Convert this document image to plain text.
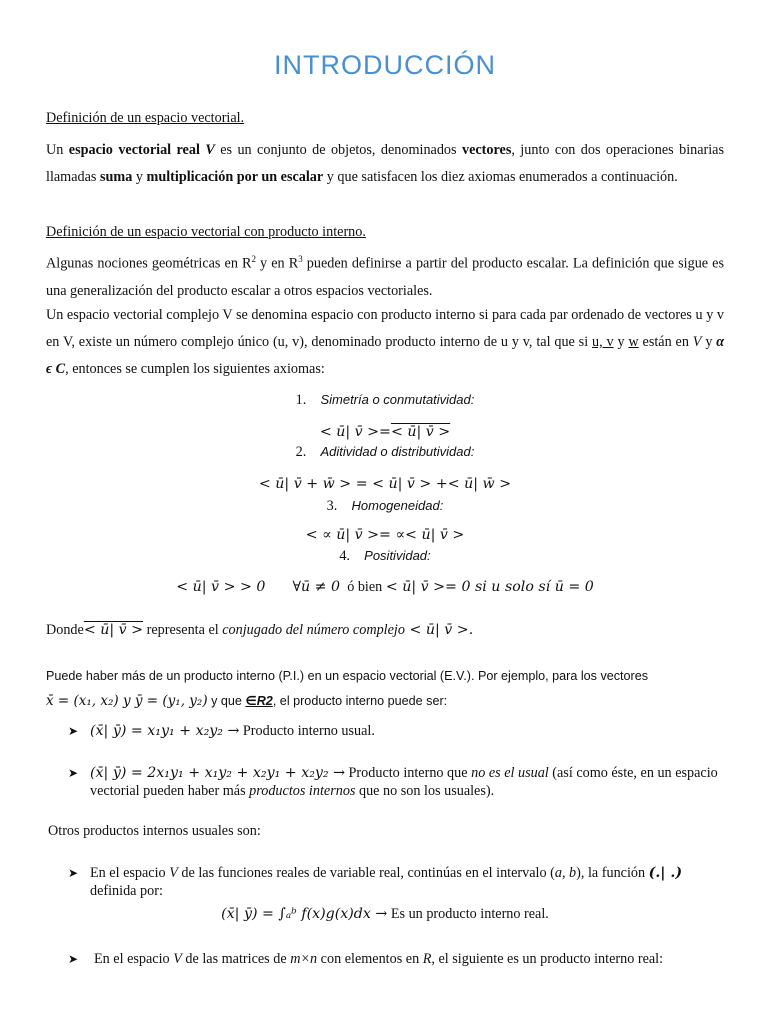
INTRODUCCIÓN
Definición de un espacio vectorial.

Un espacio vectorial real V es un conjunto de objetos, denominados vectores, junto con dos operaciones binarias llamadas suma y multiplicación por un escalar y que satisfacen los diez axiomas enumerados a continuación.

Definición de un espacio vectorial con producto interno.

Algunas nociones geométricas en $R^2$ y en $R^3$ pueden definirse a partir del producto escalar. La definición que sigue es una generalización del producto escalar a otros espacios vectoriales.

Un espacio vectorial complejo V se denomina espacio con producto interno si para cada par ordenado de vectores u y v en V, existe un número complejo único (u, v), denominado producto interno de u y v, tal que si u, v y w están en V y α ϵ C, entonces se cumplen los siguientes axiomas:

1. Simetría o conmutatividad:
< ū| v̄ >=< ū| v̄ >
2. Aditividad o distributividad:
< ū| v̄ + w̄ > = < ū| v̄ > +< ū| w̄ >
3. Homogeneidad:
< ∝ ū| v̄ >= ∝< ū| v̄ >
4. Positividad:
< ū| v̄ > > 0      ∀ū ≠ 0 ó bien < ū| v̄ >= 0 si u solo sí ū = 0
Donde< ū| v̄ > representa el conjugado del número complejo < ū| v̄ >.
Puede haber más de un producto interno (P.I.) en un espacio vectorial (E.V.). Por ejemplo, para los vectores
x̄ = (x₁, x₂) y ȳ = (y₁, y₂) y que ∈R2, el producto interno puede ser:
➤ (x̄| ȳ) = x₁y₁ + x₂y₂ → Producto interno usual.
➤ (x̄| ȳ) = 2x₁y₁ + x₁y₂ + x₂y₁ + x₂y₂ → Producto interno que no es el usual (así como éste, en un espacio vectorial pueden haber más productos internos que no son los usuales).
Otros productos internos usuales son:
➤ En el espacio V de las funciones reales de variable real, continúas en el intervalo (a, b), la función (.| .) definida por:
(x̄| ȳ) = ∫ₐᵇ f(x)g(x)dx → Es un producto interno real.
➤ En el espacio V de las matrices de m×n con elementos en R, el siguiente es un producto interno real:
